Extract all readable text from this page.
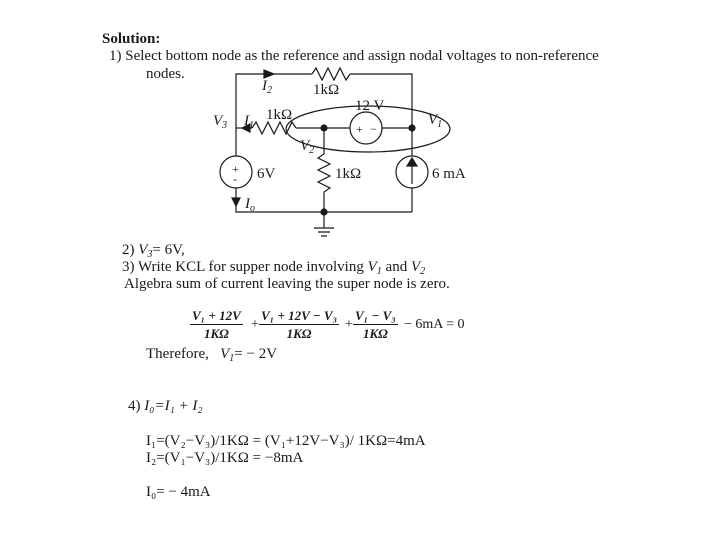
Solution:
1) Select bottom node as the reference and assign nodal voltages to non-reference
nodes.
$I_2$	1kΩ
12 V
$V_3$ $I_1$
1kΩ	$V_1$
$V_2$
+ −
+
- 6V	1kΩ	6 mA
$I_o$
2) $V_3= 6V$,
3) Write KCL for supper node involving $V_1$ and $V_2$
Algebra sum of current leaving the super node is zero.
$\frac{\text{V₁ + 12V}}{1K\Omega} + \frac{\text{V₁ + 12V − V₃}}{1K\Omega} + \frac{\text{V₁ − V₃}}{1K\Omega} - 6mA = 0$
Therefore, $V_1= - 2V$
4) I₀=I₁ + I₂
I₁=(V₂−V₃)/1KΩ = (V₁+12V−V₃)/ 1KΩ=4mA
I₂=(V₁−V₃)/1KΩ = −8mA
I₀= − 4mA
